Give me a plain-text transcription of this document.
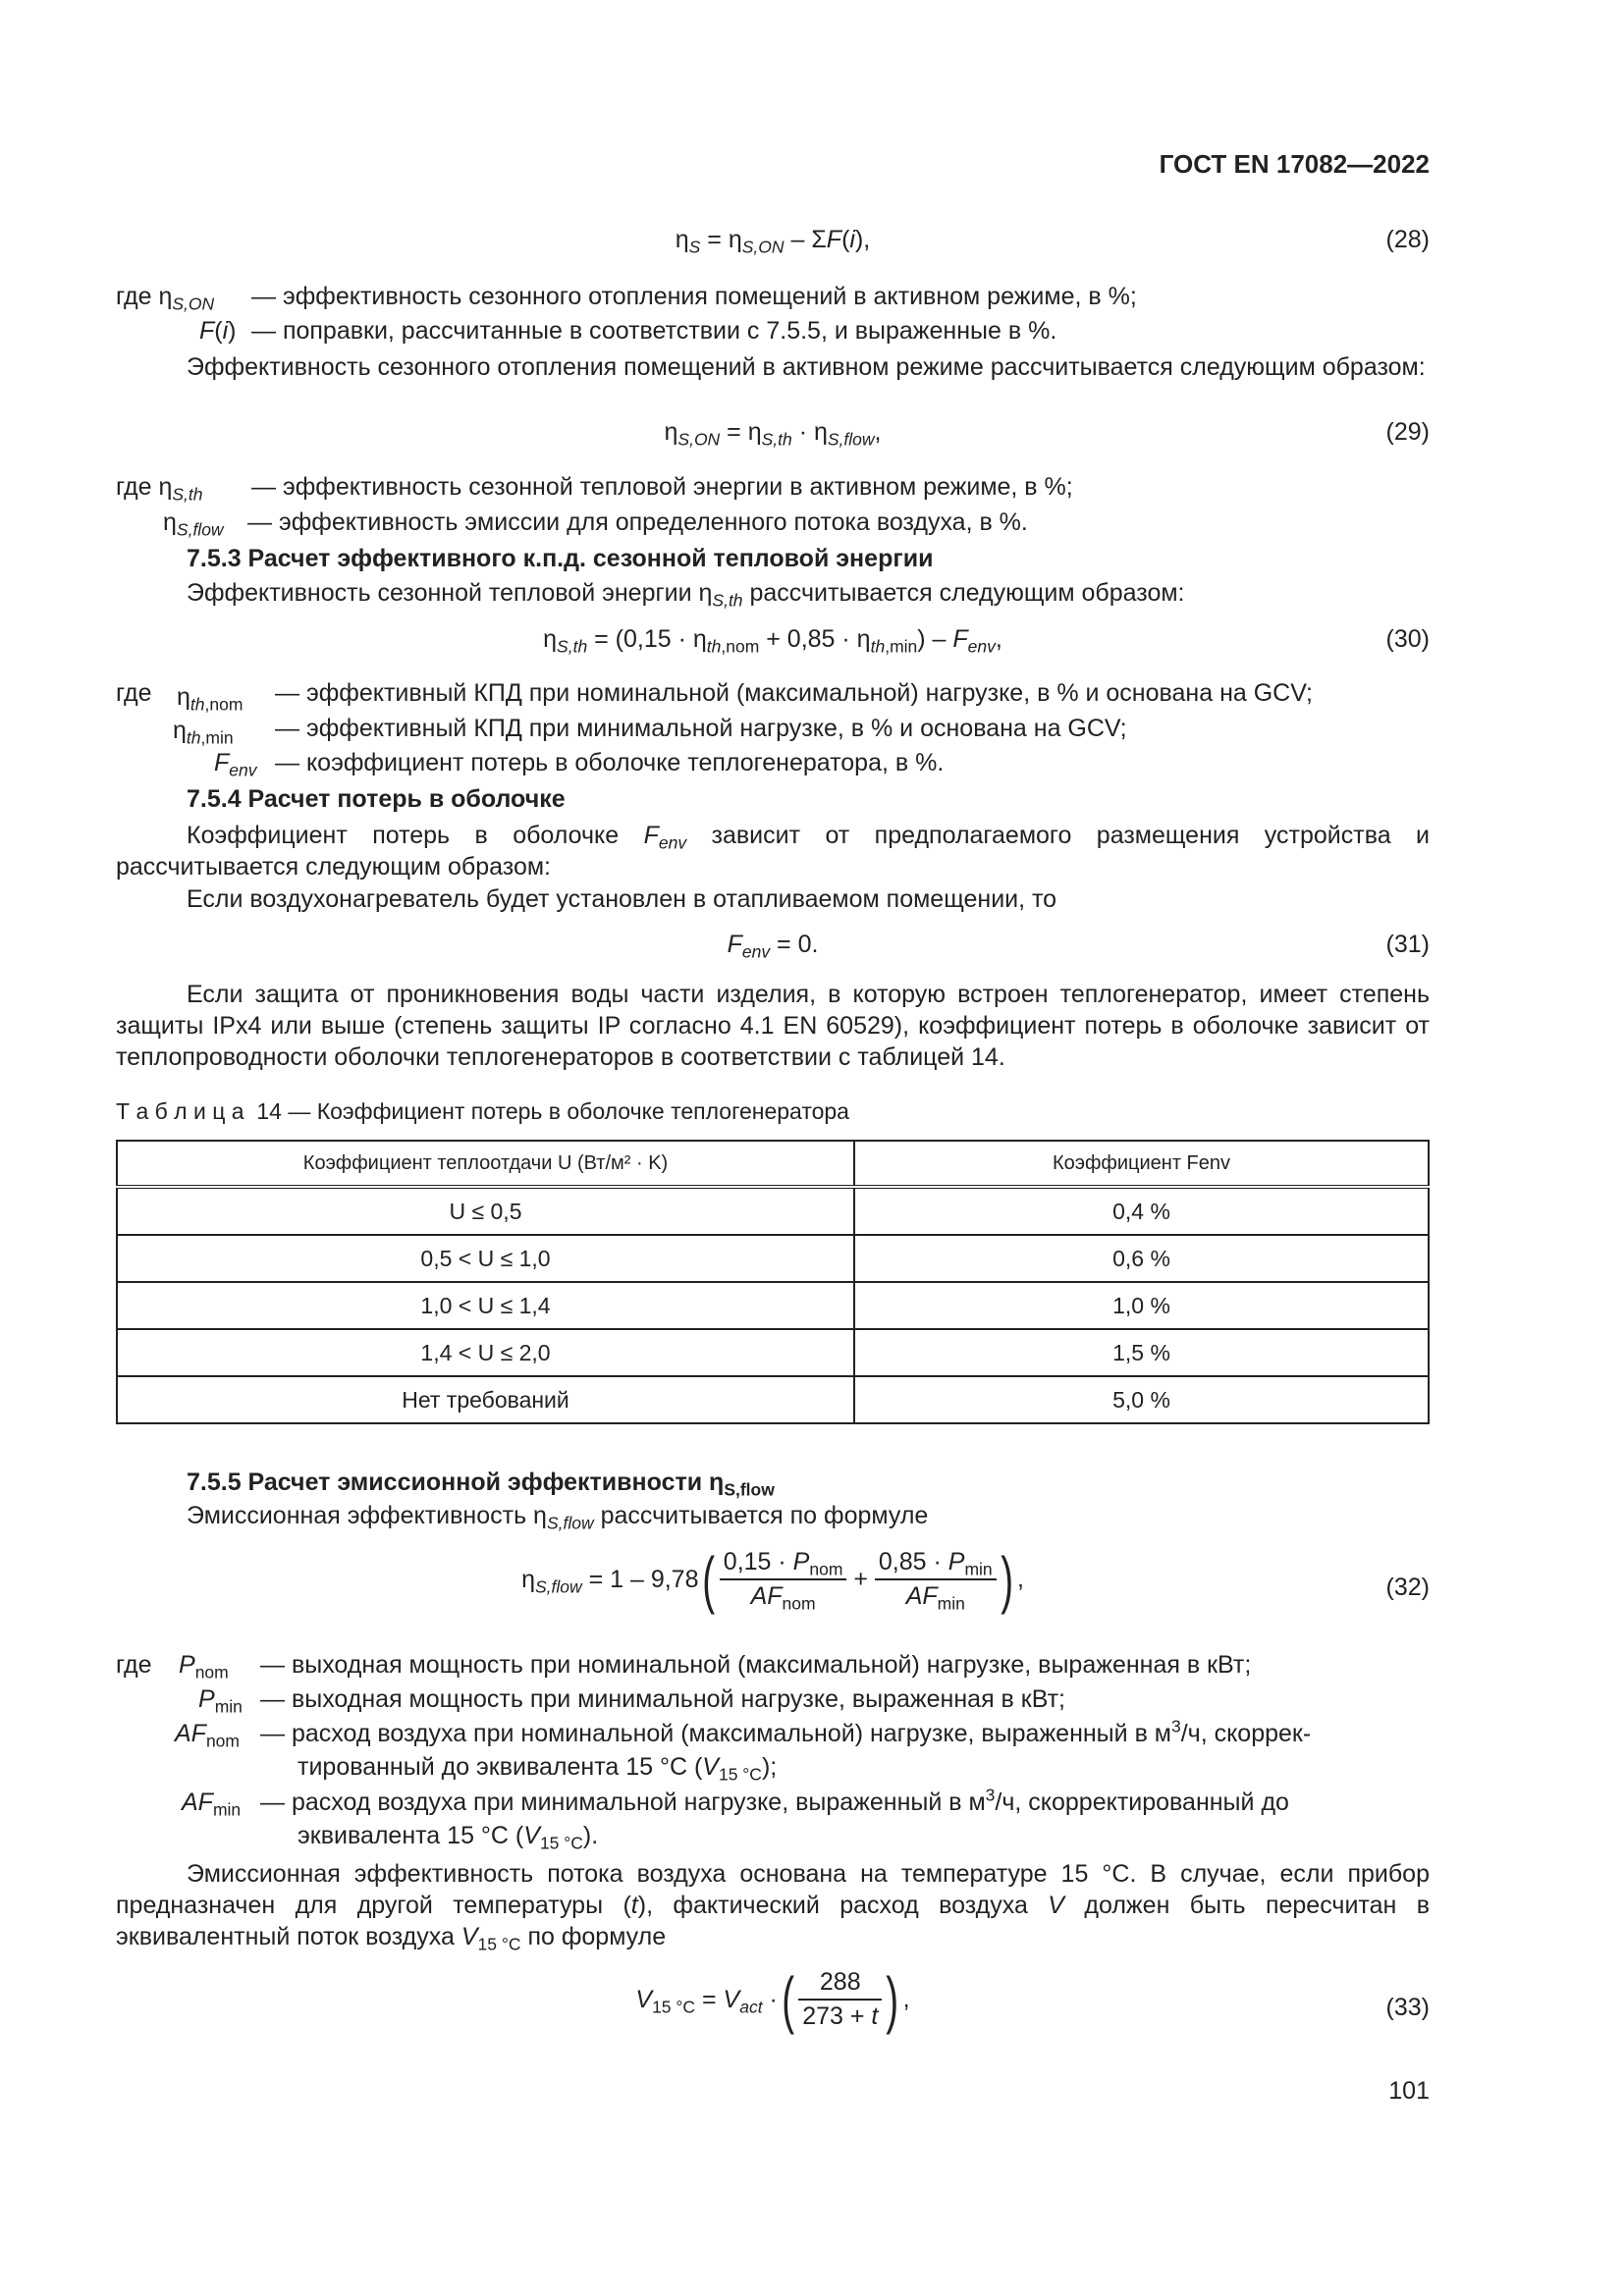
ГОСТ EN 17082—2022
$\eta_S = \eta_{S,ON} - \Sigma F(i)$,	(28)
где $\eta_{S,ON}$ — эффективность сезонного отопления помещений в активном режиме, в %;
F(i) — поправки, рассчитанные в соответствии с 7.5.5, и выраженные в %.
Эффективность сезонного отопления помещений в активном режиме рассчитывается следующим образом:
$\eta_{S,ON} = \eta_{S,th} \cdot \eta_{S,flow}$,	(29)
где $\eta_{S,th}$ — эффективность сезонной тепловой энергии в активном режиме, в %;
$\eta_{S,flow}$ — эффективность эмиссии для определенного потока воздуха, в %.
7.5.3 Расчет эффективного к.п.д. сезонной тепловой энергии
Эффективность сезонной тепловой энергии $\eta_{S,th}$ рассчитывается следующим образом:
$\eta_{S,th} = (0,15 \cdot \eta_{th,nom} + 0,85 \cdot \eta_{th,min}) - F_{env}$,	(30)
где $\eta_{th,nom}$ — эффективный КПД при номинальной (максимальной) нагрузке, в % и основана на GCV;
$\eta_{th,min}$ — эффективный КПД при минимальной нагрузке, в % и основана на GCV;
$F_{env}$ — коэффициент потерь в оболочке теплогенератора, в %.
7.5.4 Расчет потерь в оболочке
Коэффициент потерь в оболочке $F_{env}$ зависит от предполагаемого размещения устройства и рассчитывается следующим образом:
Если воздухонагреватель будет установлен в отапливаемом помещении, то
$F_{env} = 0$.	(31)
Если защита от проникновения воды части изделия, в которую встроен теплогенератор, имеет степень защиты IPx4 или выше (степень защиты IP согласно 4.1 EN 60529), коэффициент потерь в оболочке зависит от теплопроводности оболочки теплогенераторов в соответствии с таблицей 14.
Т а б л и ц а 14 — Коэффициент потерь в оболочке теплогенератора
Коэффициент теплоотдачи U (Вт/м² · K)	Коэффициент Fenv
U ≤ 0,5	0,4 %
0,5 < U ≤ 1,0	0,6 %
1,0 < U ≤ 1,4	1,0 %
1,4 < U ≤ 2,0	1,5 %
Нет требований	5,0 %
7.5.5 Расчет эмиссионной эффективности $\eta_{S,flow}$
Эмиссионная эффективность $\eta_{S,flow}$ рассчитывается по формуле
$\eta_{S,flow} = 1 - 9,78( \frac{0,15 \cdot P_{nom}}{AF_{nom}} + \frac{0,85 \cdot P_{min}}{AF_{min}}$ ) ,	(32)
где $P_{nom}$ — выходная мощность при номинальной (максимальной) нагрузке, выраженная в кВт;
$P_{min}$ — выходная мощность при минимальной нагрузке, выраженная в кВт;
$AF_{nom}$ — расход воздуха при номинальной (максимальной) нагрузке, выраженный в $м^3/ч$, скоррек-
тированный до эквивалента 15 °C $(V_{15 ^\circ C})$;
$AF_{min}$ — расход воздуха при минимальной нагрузке, выраженный в $м^3/ч$, скорректированный до
эквивалента 15 °C $(V_{15 ^\circ C})$.
Эмиссионная эффективность потока воздуха основана на температуре 15 °C. В случае, если прибор предназначен для другой температуры (t), фактический расход воздуха V должен быть пересчитан в эквивалентный поток воздуха $V_{15 ^\circ C}$ по формуле
$V_{15 ^\circ C} = V_{act}$ ·( $\frac{288}{273 + t}$ ) ,	(33)
101
